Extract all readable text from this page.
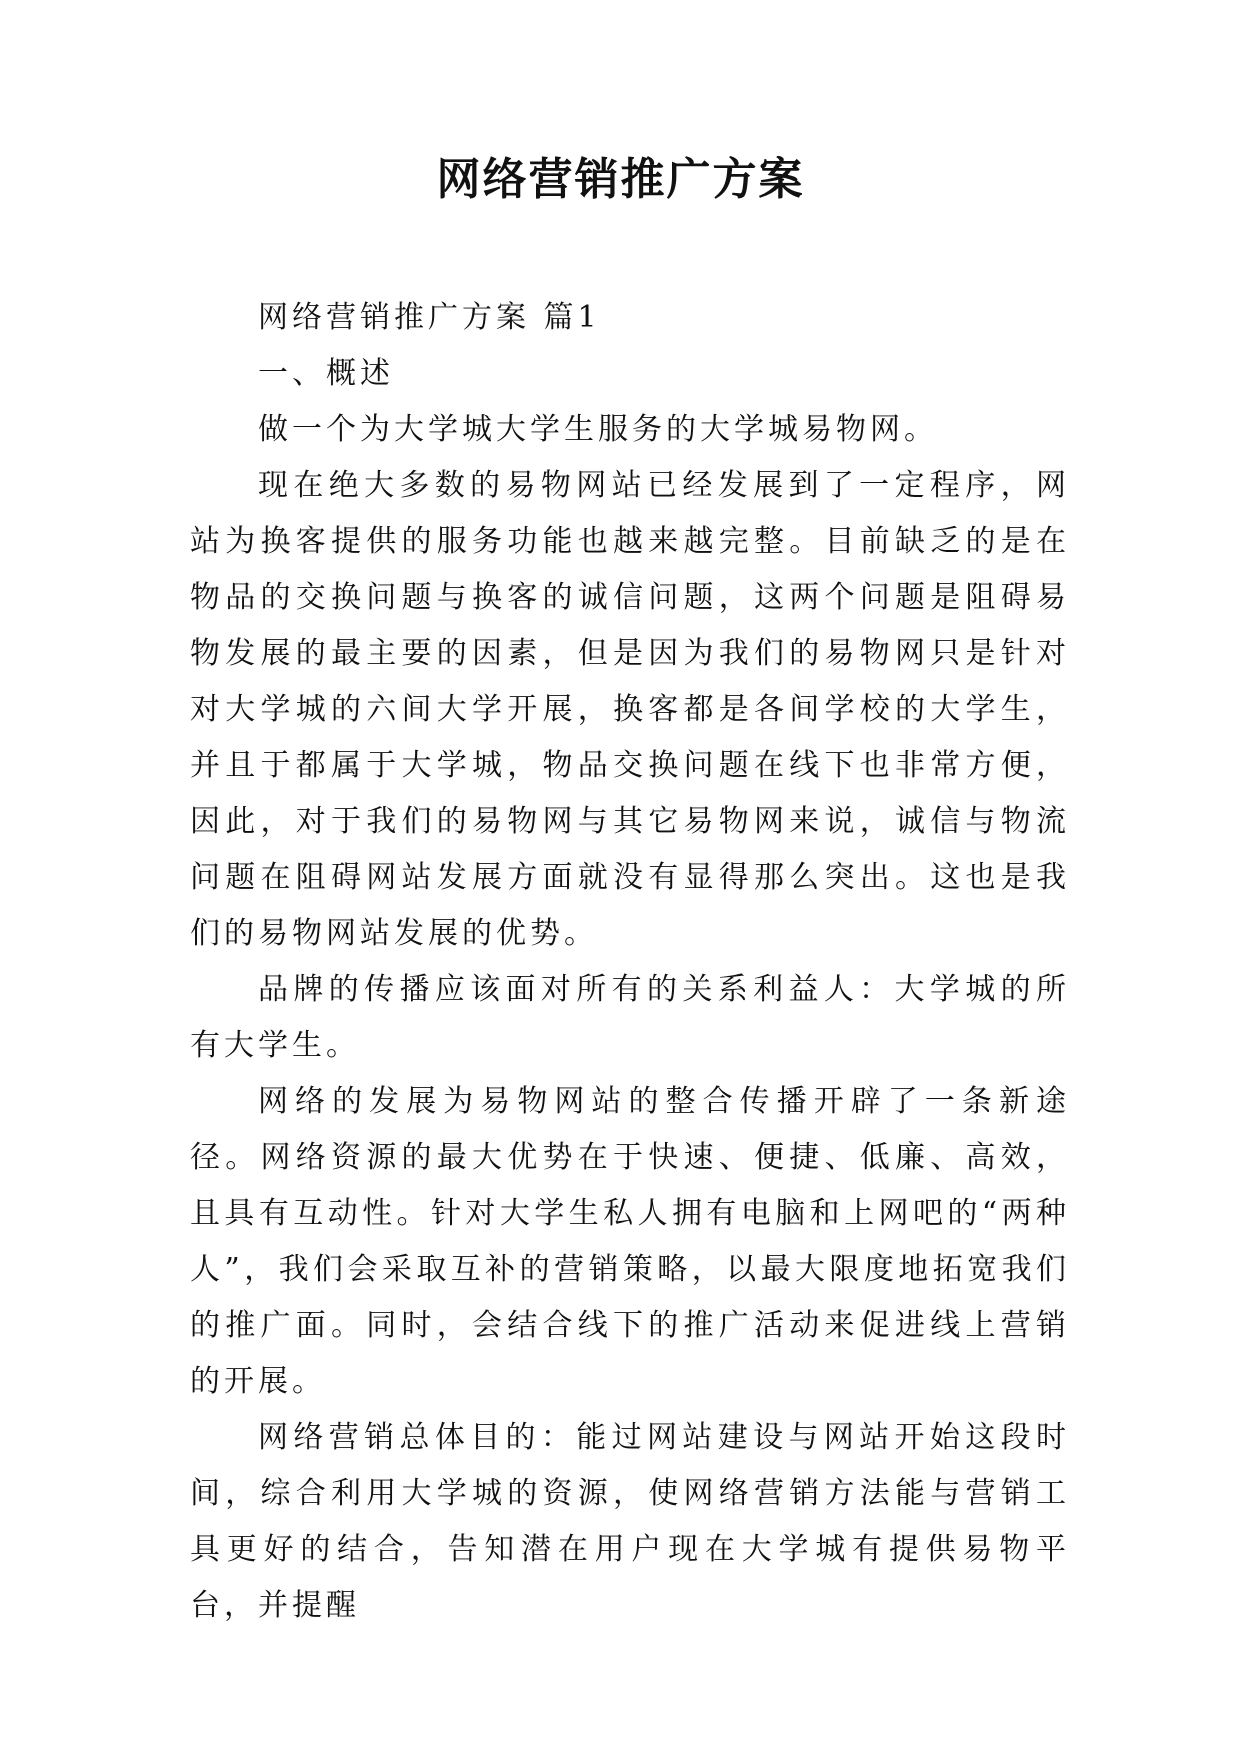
网络营销推广方案

网络营销推广方案 篇1

一、概述

做一个为大学城大学生服务的大学城易物网。

现在绝大多数的易物网站已经发展到了一定程序，网站为换客提供的服务功能也越来越完整。目前缺乏的是在物品的交换问题与换客的诚信问题，这两个问题是阻碍易物发展的最主要的因素，但是因为我们的易物网只是针对对大学城的六间大学开展，换客都是各间学校的大学生，并且于都属于大学城，物品交换问题在线下也非常方便，因此，对于我们的易物网与其它易物网来说，诚信与物流问题在阻碍网站发展方面就没有显得那么突出。这也是我们的易物网站发展的优势。

品牌的传播应该面对所有的关系利益人：大学城的所有大学生。

网络的发展为易物网站的整合传播开辟了一条新途径。网络资源的最大优势在于快速、便捷、低廉、高效，且具有互动性。针对大学生私人拥有电脑和上网吧的“两种人”，我们会采取互补的营销策略，以最大限度地拓宽我们的推广面。同时，会结合线下的推广活动来促进线上营销的开展。

网络营销总体目的：能过网站建设与网站开始这段时间，综合利用大学城的资源，使网络营销方法能与营销工具更好的结合，告知潜在用户现在大学城有提供易物平台，并提醒
